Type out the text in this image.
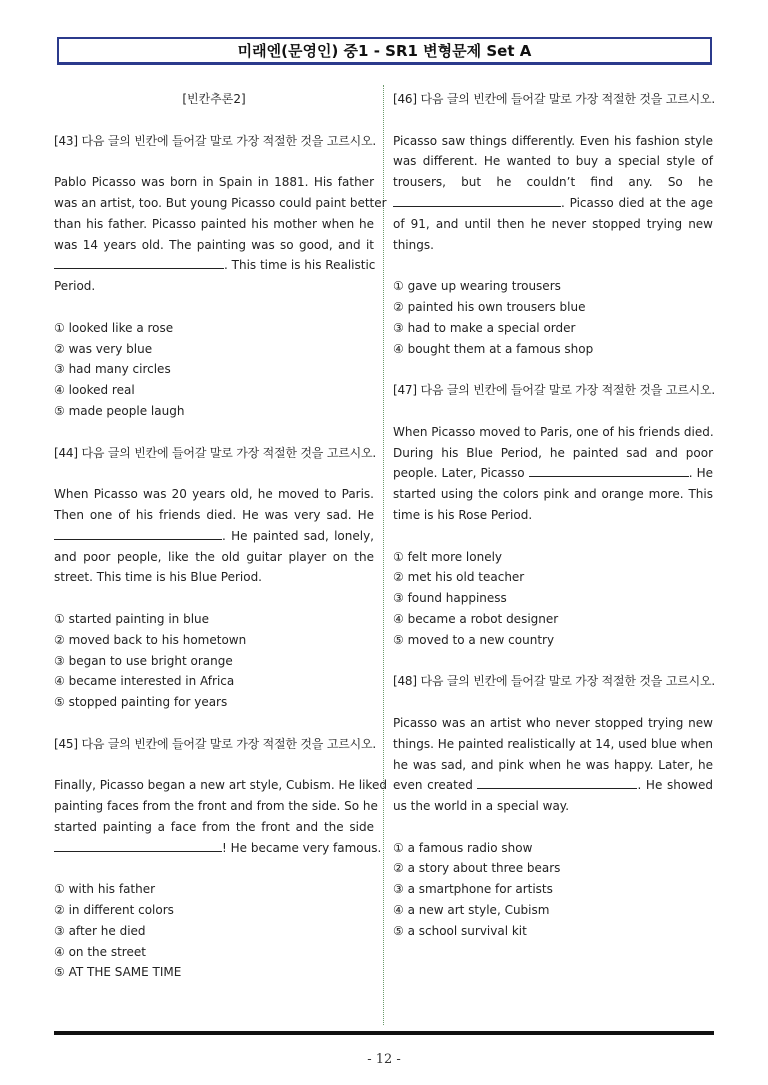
미래엔(문영인) 중1 - SR1 변형문제 Set A
[빈칸추론2]
[43] 다음 글의 빈칸에 들어갈 말로 가장 적절한 것을 고르시오.
Pablo Picasso was born in Spain in 1881. His father
was an artist, too. But young Picasso could paint better
than his father. Picasso painted his mother when he
was 14 years old. The painting was so good, and it
. This time is his Realistic
Period.
① looked like a rose
② was very blue
③ had many circles
④ looked real
⑤ made people laugh
[44] 다음 글의 빈칸에 들어갈 말로 가장 적절한 것을 고르시오.
When Picasso was 20 years old, he moved to Paris.
Then one of his friends died. He was very sad. He
. He painted sad, lonely,
and poor people, like the old guitar player on the
street. This time is his Blue Period.
① started painting in blue
② moved back to his hometown
③ began to use bright orange
④ became interested in Africa
⑤ stopped painting for years
[45] 다음 글의 빈칸에 들어갈 말로 가장 적절한 것을 고르시오.
Finally, Picasso began a new art style, Cubism. He liked
painting faces from the front and from the side. So he
started painting a face from the front and the side
! He became very famous.
① with his father
② in different colors
③ after he died
④ on the street
⑤ AT THE SAME TIME
[46] 다음 글의 빈칸에 들어갈 말로 가장 적절한 것을 고르시오.
Picasso saw things differently. Even his fashion style
was different. He wanted to buy a special style of
trousers, but he couldn’t find any. So he
. Picasso died at the age
of 91, and until then he never stopped trying new
things.
① gave up wearing trousers
② painted his own trousers blue
③ had to make a special order
④ bought them at a famous shop
[47] 다음 글의 빈칸에 들어갈 말로 가장 적절한 것을 고르시오.
When Picasso moved to Paris, one of his friends died.
During his Blue Period, he painted sad and poor
people. Later, Picasso	. He
started using the colors pink and orange more. This
time is his Rose Period.
① felt more lonely
② met his old teacher
③ found happiness
④ became a robot designer
⑤ moved to a new country
[48] 다음 글의 빈칸에 들어갈 말로 가장 적절한 것을 고르시오.
Picasso was an artist who never stopped trying new
things. He painted realistically at 14, used blue when
he was sad, and pink when he was happy. Later, he
even created	. He showed
us the world in a special way.
① a famous radio show
② a story about three bears
③ a smartphone for artists
④ a new art style, Cubism
⑤ a school survival kit
- 12 -
